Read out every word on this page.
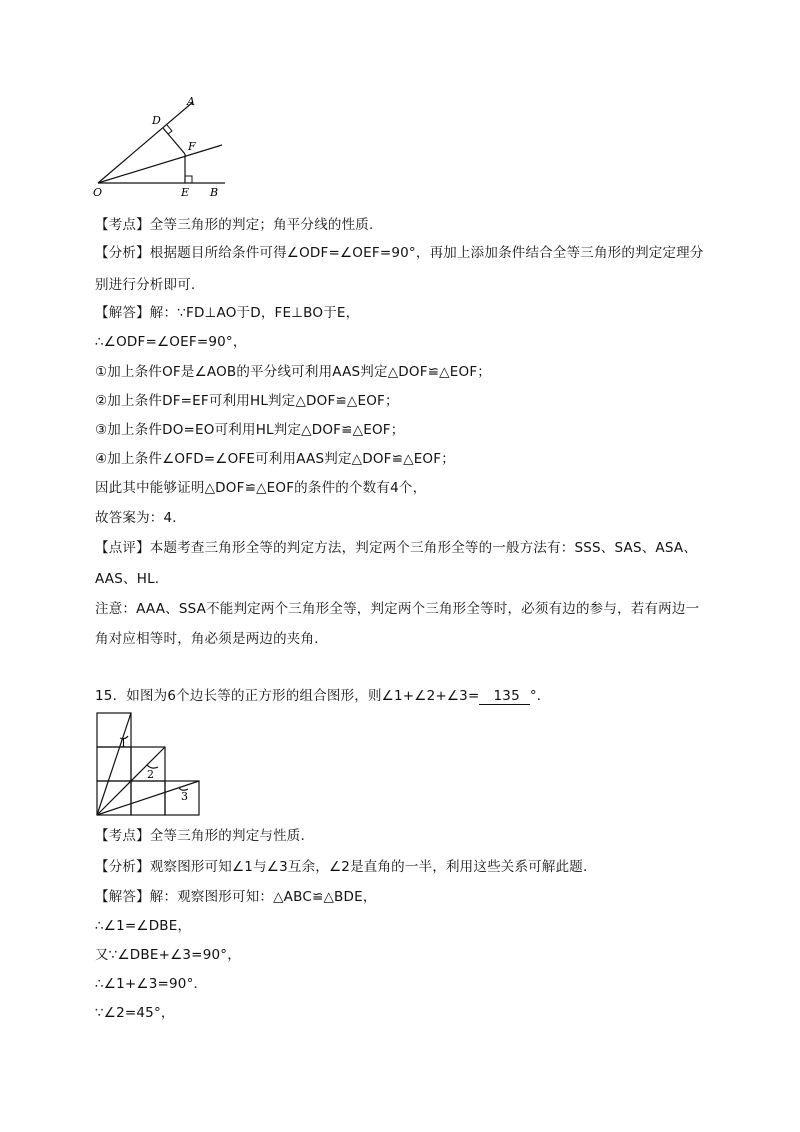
A
D
F
O	E B
【考点】全等三角形的判定；角平分线的性质.
【分析】根据题目所给条件可得∠ODF=∠OEF=90°，再加上添加条件结合全等三角形的判定定理分
别进行分析即可.
【解答】解：∵FD⊥AO于D，FE⊥BO于E，
∴∠ODF=∠OEF=90°，
①加上条件OF是∠AOB的平分线可利用AAS判定△DOF≌△EOF；
②加上条件DF=EF可利用HL判定△DOF≌△EOF；
③加上条件DO=EO可利用HL判定△DOF≌△EOF；
④加上条件∠OFD=∠OFE可利用AAS判定△DOF≌△EOF；
因此其中能够证明△DOF≌△EOF的条件的个数有4个，
故答案为：4.
【点评】本题考查三角形全等的判定方法，判定两个三角形全等的一般方法有：SSS、SAS、ASA、
AAS、HL.
注意：AAA、SSA不能判定两个三角形全等，判定两个三角形全等时，必须有边的参与，若有两边一
角对应相等时，角必须是两边的夹角.
15．如图为6个边长等的正方形的组合图形，则∠1+∠2+∠3= 135 °．
1
2
3
【考点】全等三角形的判定与性质.
【分析】观察图形可知∠1与∠3互余，∠2是直角的一半，利用这些关系可解此题.
【解答】解：观察图形可知：△ABC≌△BDE，
∴∠1=∠DBE，
又∵∠DBE+∠3=90°，
∴∠1+∠3=90°．
∵∠2=45°，
